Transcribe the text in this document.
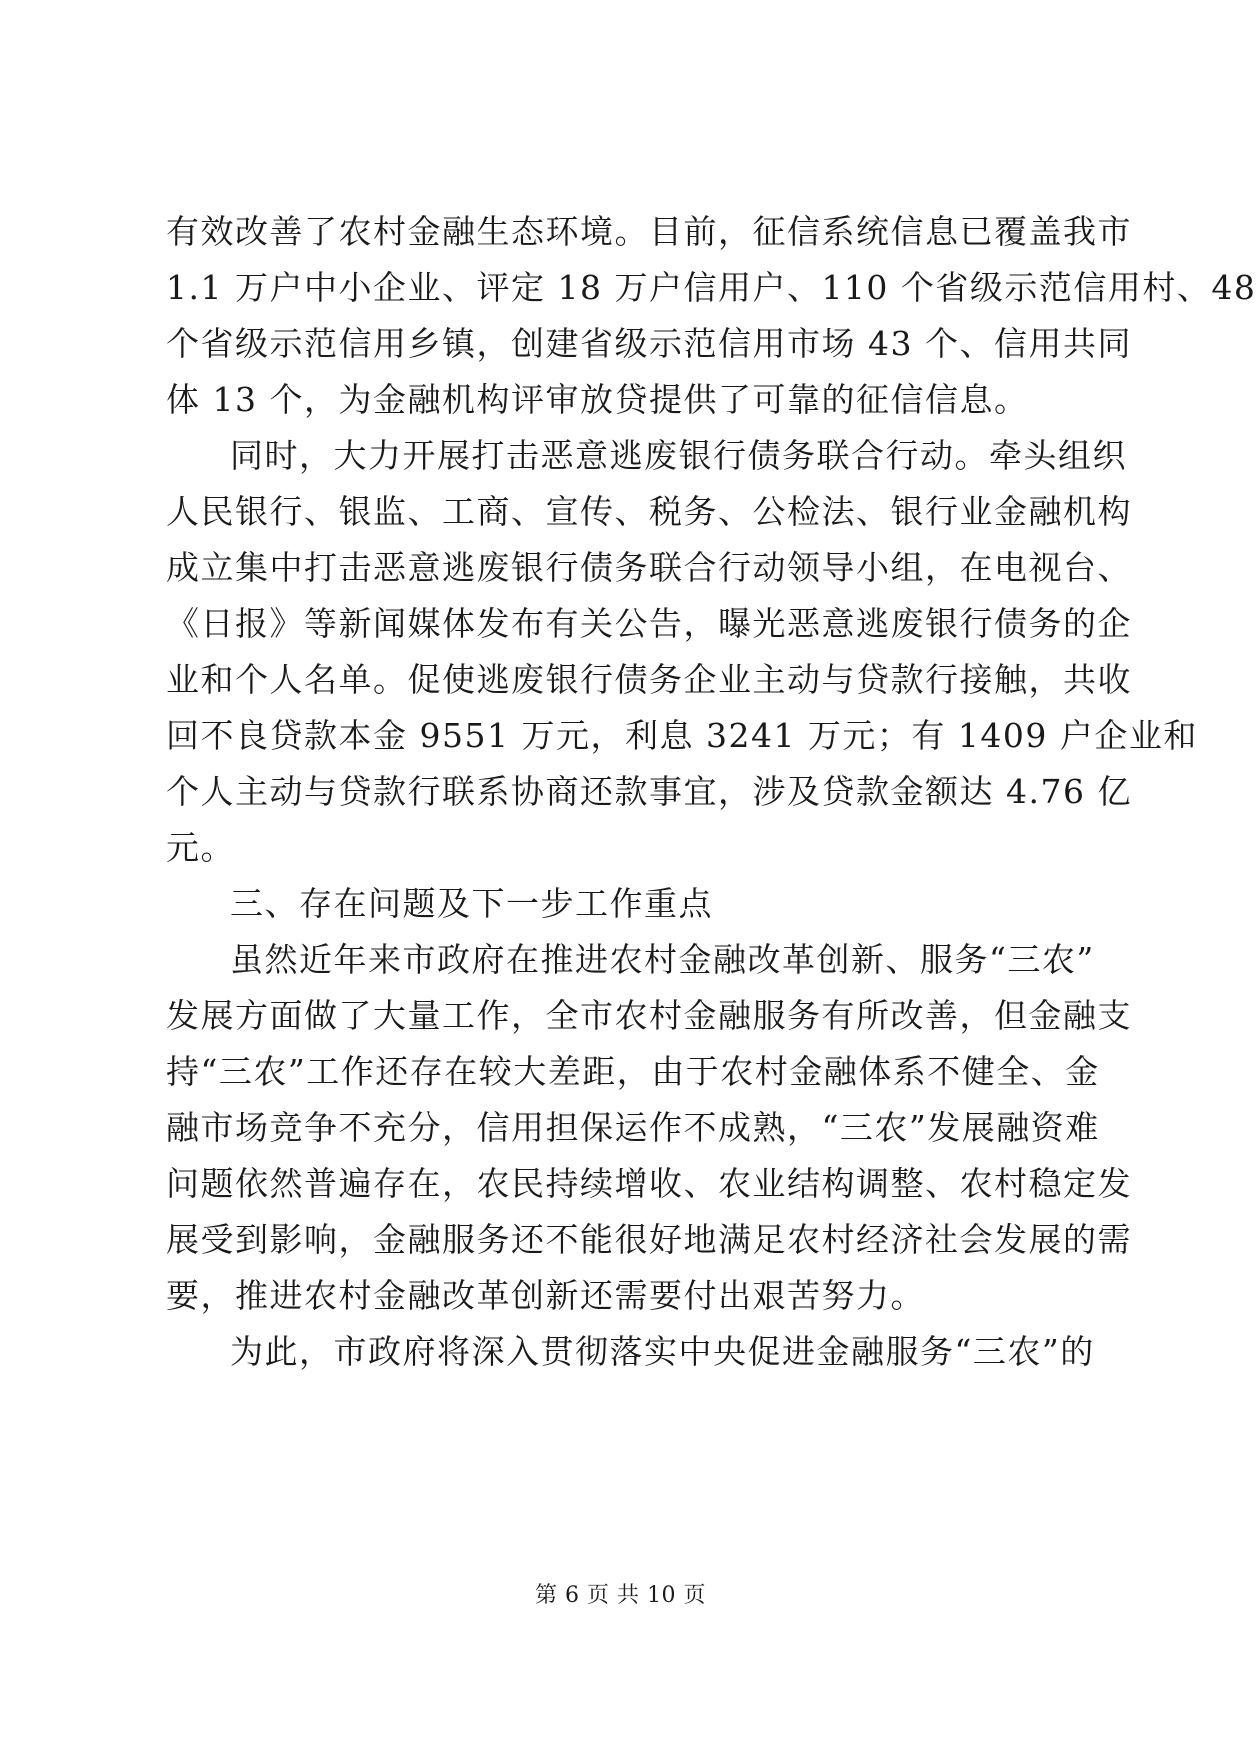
有效改善了农村金融生态环境。目前，征信系统信息已覆盖我市
1.1 万户中小企业、评定 18 万户信用户、110 个省级示范信用村、48
个省级示范信用乡镇，创建省级示范信用市场 43 个、信用共同
体 13 个，为金融机构评审放贷提供了可靠的征信信息。
同时，大力开展打击恶意逃废银行债务联合行动。牵头组织
人民银行、银监、工商、宣传、税务、公检法、银行业金融机构
成立集中打击恶意逃废银行债务联合行动领导小组，在电视台、
《日报》等新闻媒体发布有关公告，曝光恶意逃废银行债务的企
业和个人名单。促使逃废银行债务企业主动与贷款行接触，共收
回不良贷款本金 9551 万元，利息 3241 万元；有 1409 户企业和
个人主动与贷款行联系协商还款事宜，涉及贷款金额达 4.76 亿
元。
三、存在问题及下一步工作重点
虽然近年来市政府在推进农村金融改革创新、服务“三农”
发展方面做了大量工作，全市农村金融服务有所改善，但金融支
持“三农”工作还存在较大差距，由于农村金融体系不健全、金
融市场竞争不充分，信用担保运作不成熟，“三农”发展融资难
问题依然普遍存在，农民持续增收、农业结构调整、农村稳定发
展受到影响，金融服务还不能很好地满足农村经济社会发展的需
要，推进农村金融改革创新还需要付出艰苦努力。
为此，市政府将深入贯彻落实中央促进金融服务“三农”的
第 6 页 共 10 页
